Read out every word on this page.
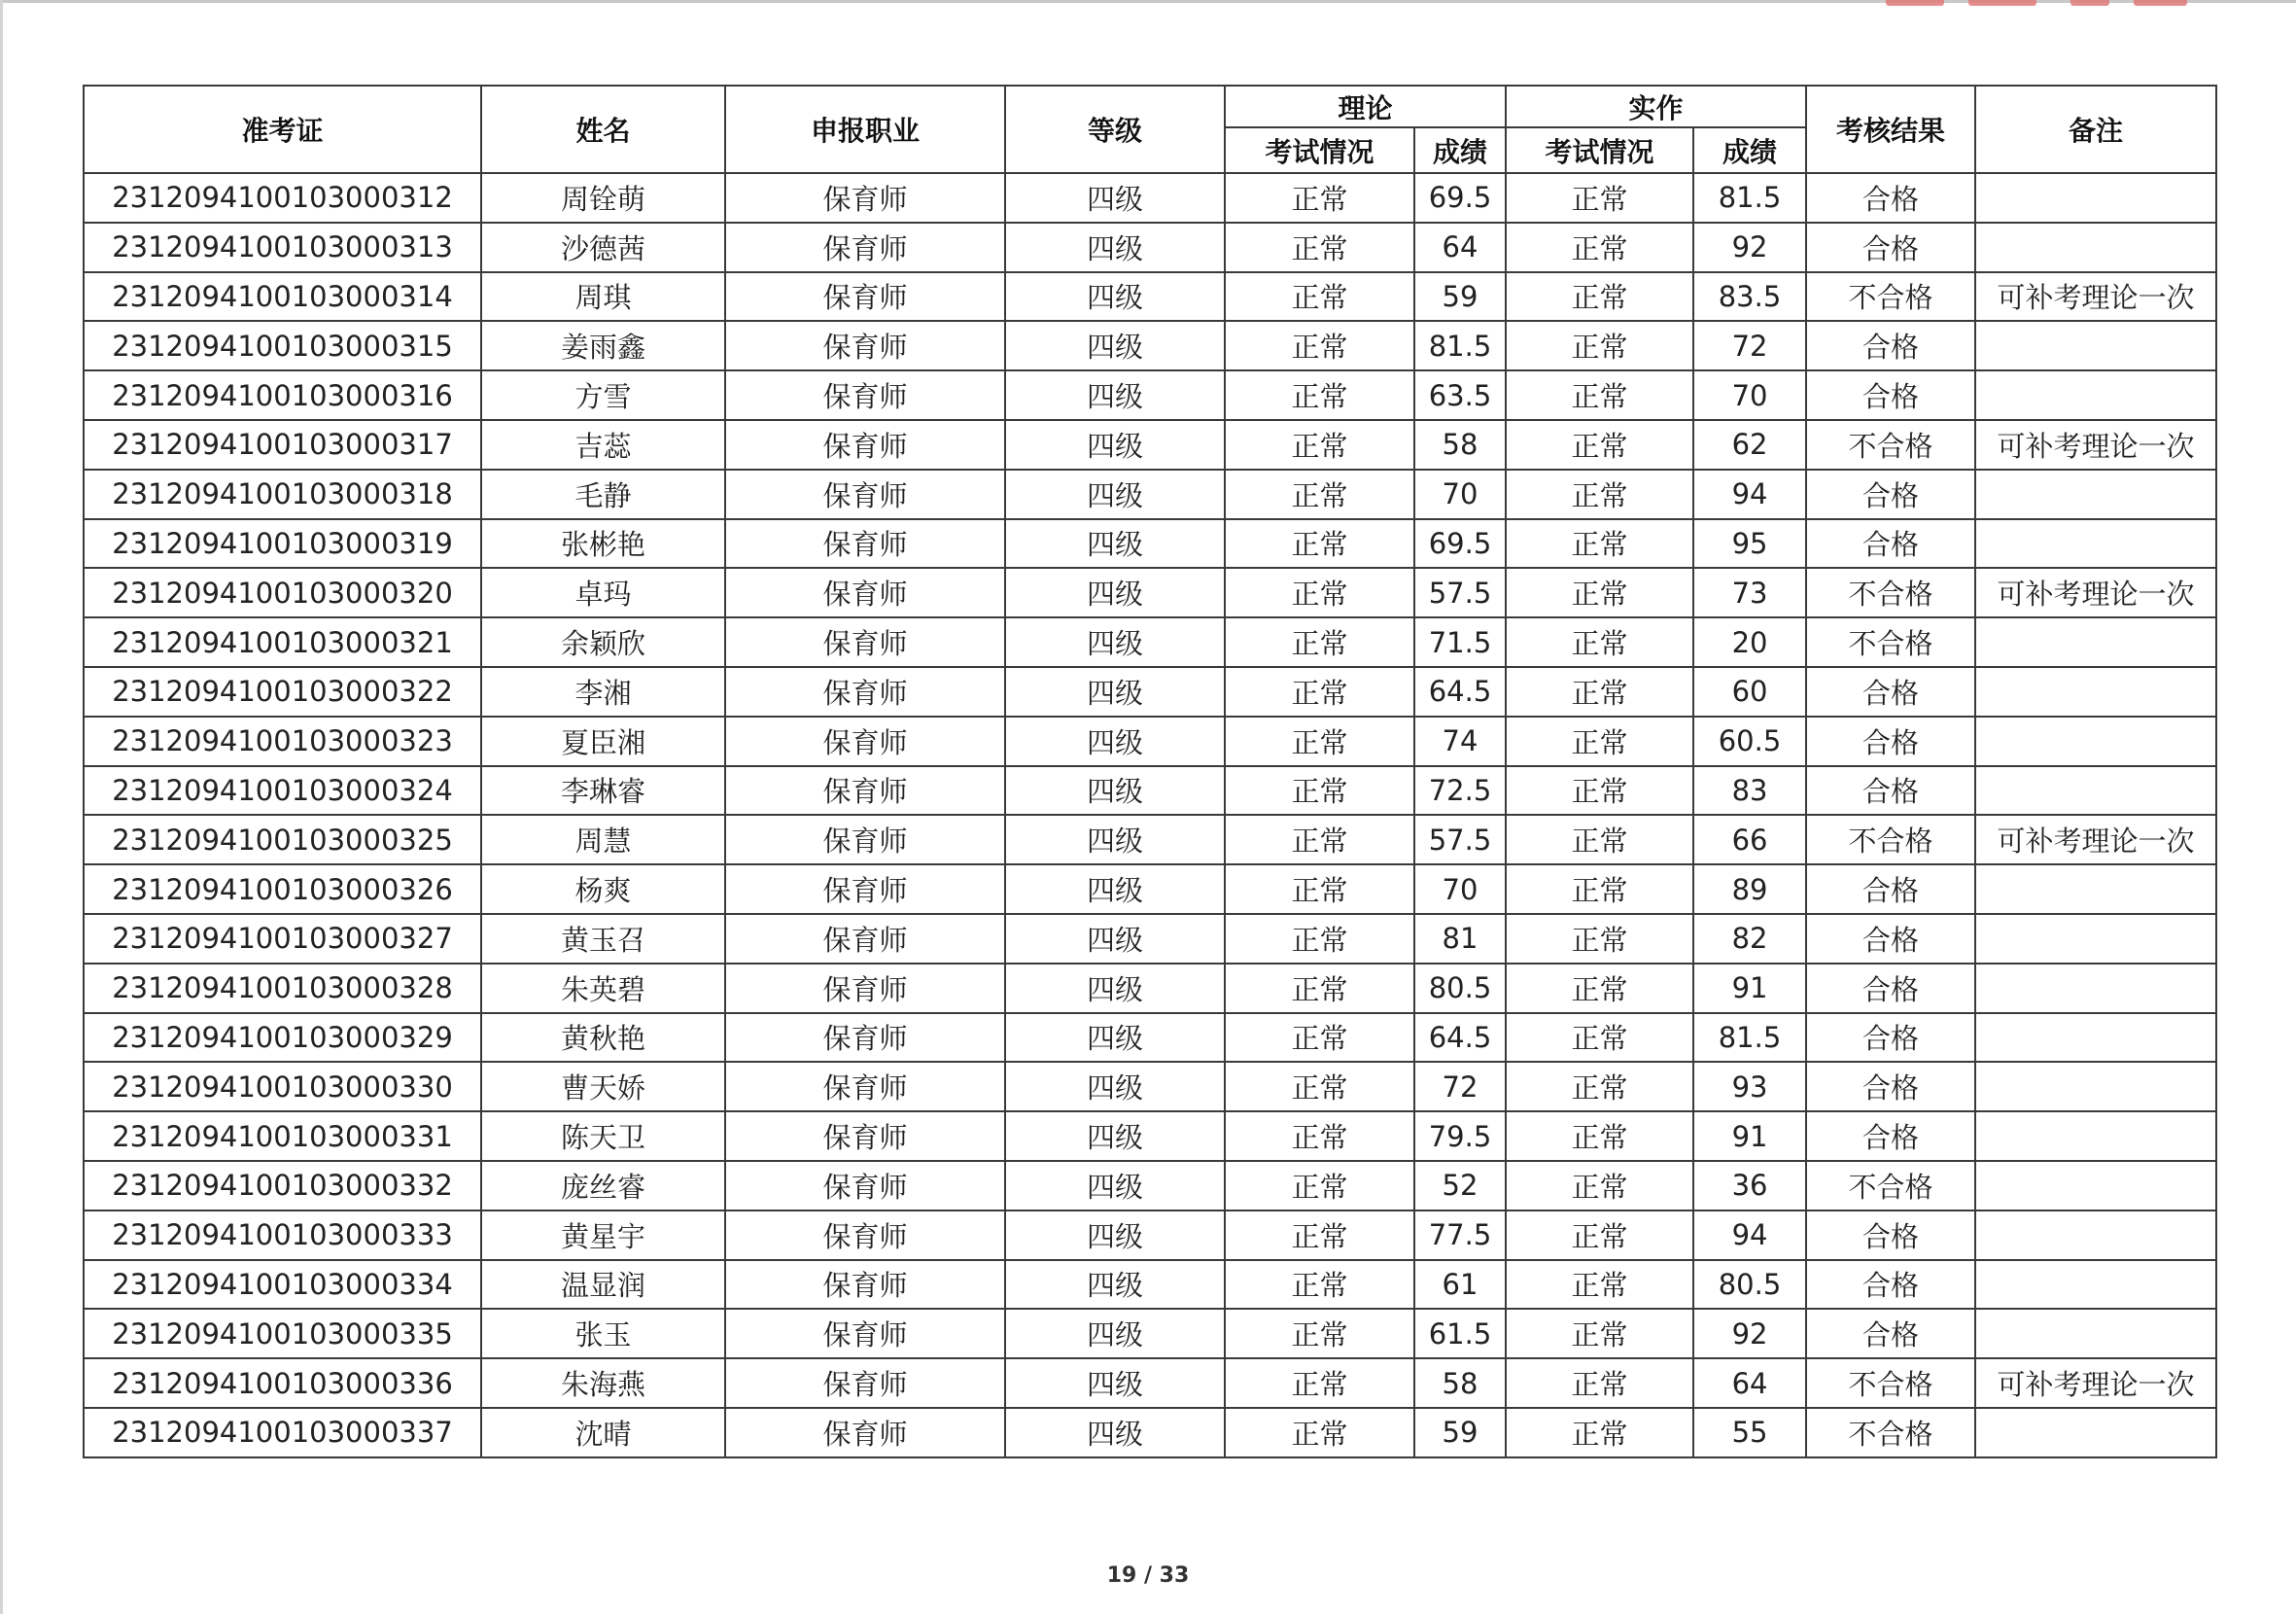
准考证	姓名	申报职业	等级	理论		实作		考核结果	备注
				考试情况	成绩	考试情况	成绩		
2312094100103000312	周铨萌	保育师	四级	正常	69.5	正常	81.5	合格	
2312094100103000313	沙德茜	保育师	四级	正常	64	正常	92	合格	
2312094100103000314	周琪	保育师	四级	正常	59	正常	83.5	不合格	可补考理论一次
2312094100103000315	姜雨鑫	保育师	四级	正常	81.5	正常	72	合格	
2312094100103000316	方雪	保育师	四级	正常	63.5	正常	70	合格	
2312094100103000317	吉蕊	保育师	四级	正常	58	正常	62	不合格	可补考理论一次
2312094100103000318	毛静	保育师	四级	正常	70	正常	94	合格	
2312094100103000319	张彬艳	保育师	四级	正常	69.5	正常	95	合格	
2312094100103000320	卓玛	保育师	四级	正常	57.5	正常	73	不合格	可补考理论一次
2312094100103000321	余颖欣	保育师	四级	正常	71.5	正常	20	不合格	
2312094100103000322	李湘	保育师	四级	正常	64.5	正常	60	合格	
2312094100103000323	夏臣湘	保育师	四级	正常	74	正常	60.5	合格	
2312094100103000324	李琳睿	保育师	四级	正常	72.5	正常	83	合格	
2312094100103000325	周慧	保育师	四级	正常	57.5	正常	66	不合格	可补考理论一次
2312094100103000326	杨爽	保育师	四级	正常	70	正常	89	合格	
2312094100103000327	黄玉召	保育师	四级	正常	81	正常	82	合格	
2312094100103000328	朱英碧	保育师	四级	正常	80.5	正常	91	合格	
2312094100103000329	黄秋艳	保育师	四级	正常	64.5	正常	81.5	合格	
2312094100103000330	曹天娇	保育师	四级	正常	72	正常	93	合格	
2312094100103000331	陈天卫	保育师	四级	正常	79.5	正常	91	合格	
2312094100103000332	庞丝睿	保育师	四级	正常	52	正常	36	不合格	
2312094100103000333	黄星宇	保育师	四级	正常	77.5	正常	94	合格	
2312094100103000334	温显润	保育师	四级	正常	61	正常	80.5	合格	
2312094100103000335	张玉	保育师	四级	正常	61.5	正常	92	合格	
2312094100103000336	朱海燕	保育师	四级	正常	58	正常	64	不合格	可补考理论一次
2312094100103000337	沈晴	保育师	四级	正常	59	正常	55	不合格	
19 / 33
